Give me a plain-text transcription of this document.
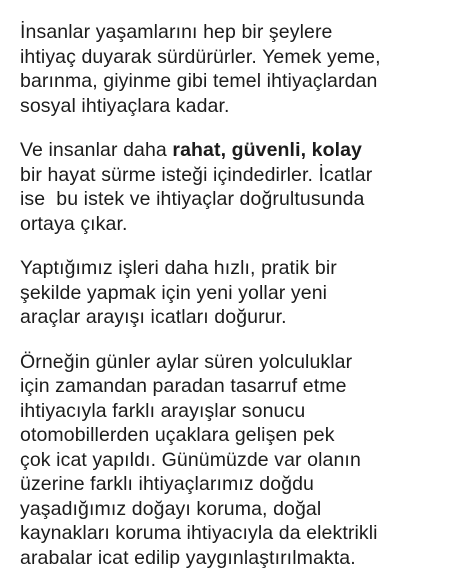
İnsanlar yaşamlarını hep bir şeylere
ihtiyaç duyarak sürdürürler. Yemek yeme,
barınma, giyinme gibi temel ihtiyaçlardan
sosyal ihtiyaçlara kadar.

Ve insanlar daha rahat, güvenli, kolay
bir hayat sürme isteği içindedirler. İcatlar
ise  bu istek ve ihtiyaçlar doğrultusunda
ortaya çıkar.

Yaptığımız işleri daha hızlı, pratik bir
şekilde yapmak için yeni yollar yeni
araçlar arayışı icatları doğurur.

Örneğin günler aylar süren yolculuklar
için zamandan paradan tasarruf etme
ihtiyacıyla farklı arayışlar sonucu
otomobillerden uçaklara gelişen pek
çok icat yapıldı. Günümüzde var olanın
üzerine farklı ihtiyaçlarımız doğdu
yaşadığımız doğayı koruma, doğal
kaynakları koruma ihtiyacıyla da elektrikli
arabalar icat edilip yaygınlaştırılmakta.
